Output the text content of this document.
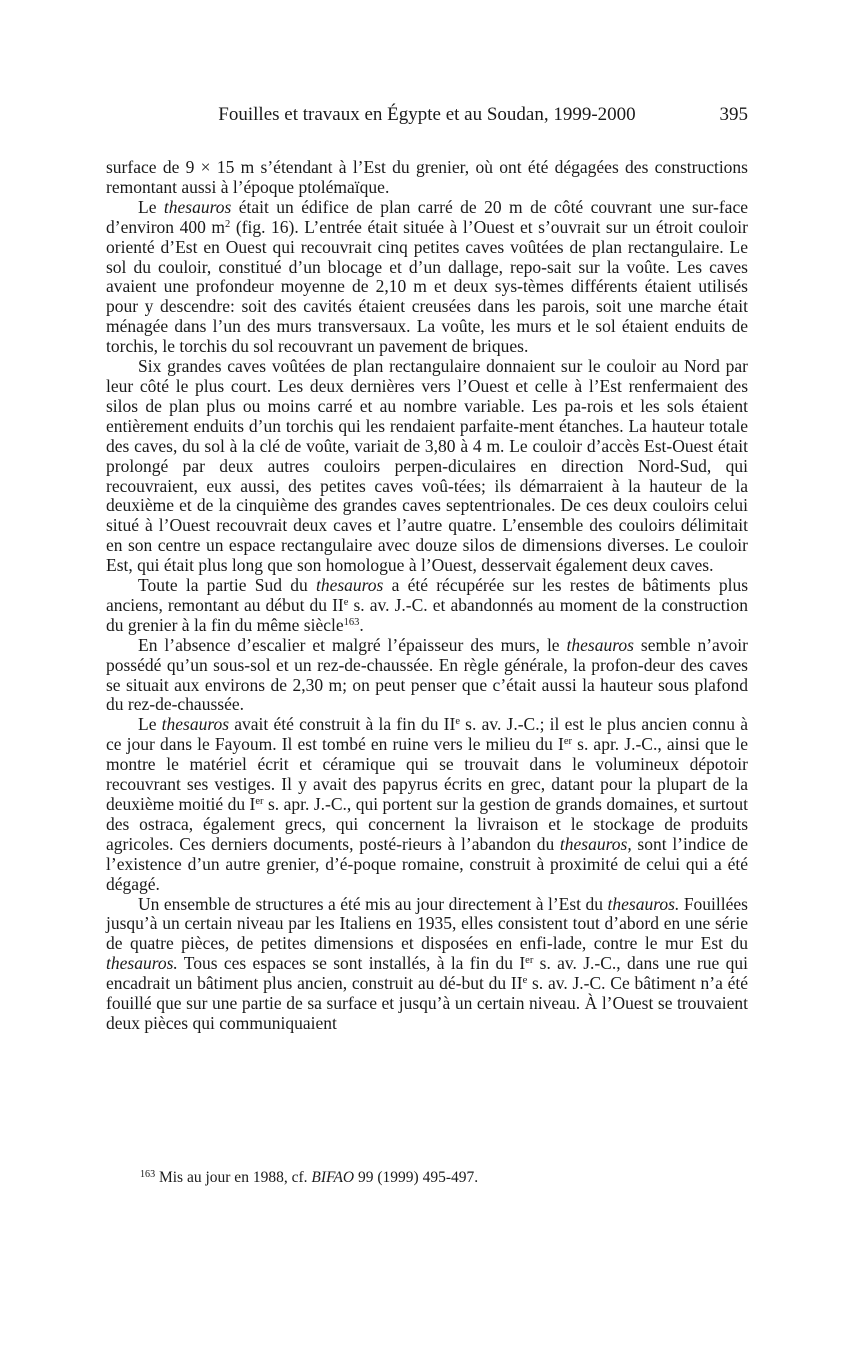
Fouilles et travaux en Égypte et au Soudan, 1999-2000	395

surface de 9 × 15 m s’étendant à l’Est du grenier, où ont été dégagées des constructions remontant aussi à l’époque ptolémaïque.

Le thesauros était un édifice de plan carré de 20 m de côté couvrant une sur-face d’environ 400 $m^2$ (fig. 16). L’entrée était située à l’Ouest et s’ouvrait sur un étroit couloir orienté d’Est en Ouest qui recouvrait cinq petites caves voûtées de plan rectangulaire. Le sol du couloir, constitué d’un blocage et d’un dallage, repo-sait sur la voûte. Les caves avaient une profondeur moyenne de 2,10 m et deux sys-tèmes différents étaient utilisés pour y descendre: soit des cavités étaient creusées dans les parois, soit une marche était ménagée dans l’un des murs transversaux. La voûte, les murs et le sol étaient enduits de torchis, le torchis du sol recouvrant un pavement de briques.

Six grandes caves voûtées de plan rectangulaire donnaient sur le couloir au Nord par leur côté le plus court. Les deux dernières vers l’Ouest et celle à l’Est renfermaient des silos de plan plus ou moins carré et au nombre variable. Les pa-rois et les sols étaient entièrement enduits d’un torchis qui les rendaient parfaite-ment étanches. La hauteur totale des caves, du sol à la clé de voûte, variait de 3,80 à 4 m. Le couloir d’accès Est-Ouest était prolongé par deux autres couloirs perpen-diculaires en direction Nord-Sud, qui recouvraient, eux aussi, des petites caves voû-tées; ils démarraient à la hauteur de la deuxième et de la cinquième des grandes caves septentrionales. De ces deux couloirs celui situé à l’Ouest recouvrait deux caves et l’autre quatre. L’ensemble des couloirs délimitait en son centre un espace rectangulaire avec douze silos de dimensions diverses. Le couloir Est, qui était plus long que son homologue à l’Ouest, desservait également deux caves.

Toute la partie Sud du thesauros a été récupérée sur les restes de bâtiments plus anciens, remontant au début du IIe s. av. J.-C. et abandonnés au moment de la construction du grenier à la fin du même siècle$^{163}$.

En l’absence d’escalier et malgré l’épaisseur des murs, le thesauros semble n’avoir possédé qu’un sous-sol et un rez-de-chaussée. En règle générale, la profon-deur des caves se situait aux environs de 2,30 m; on peut penser que c’était aussi la hauteur sous plafond du rez-de-chaussée.

Le thesauros avait été construit à la fin du IIe s. av. J.-C.; il est le plus ancien connu à ce jour dans le Fayoum. Il est tombé en ruine vers le milieu du Ier s. apr. J.-C., ainsi que le montre le matériel écrit et céramique qui se trouvait dans le volumineux dépotoir recouvrant ses vestiges. Il y avait des papyrus écrits en grec, datant pour la plupart de la deuxième moitié du Ier s. apr. J.-C., qui portent sur la gestion de grands domaines, et surtout des ostraca, également grecs, qui concernent la livraison et le stockage de produits agricoles. Ces derniers documents, posté-rieurs à l’abandon du thesauros, sont l’indice de l’existence d’un autre grenier, d’é-poque romaine, construit à proximité de celui qui a été dégagé.

Un ensemble de structures a été mis au jour directement à l’Est du thesauros. Fouillées jusqu’à un certain niveau par les Italiens en 1935, elles consistent tout d’abord en une série de quatre pièces, de petites dimensions et disposées en enfi-lade, contre le mur Est du thesauros. Tous ces espaces se sont installés, à la fin du Ier s. av. J.-C., dans une rue qui encadrait un bâtiment plus ancien, construit au dé-but du IIe s. av. J.-C. Ce bâtiment n’a été fouillé que sur une partie de sa surface et jusqu’à un certain niveau. À l’Ouest se trouvaient deux pièces qui communiquaient

$^{163}$ Mis au jour en 1988, cf. BIFAO 99 (1999) 495-497.
